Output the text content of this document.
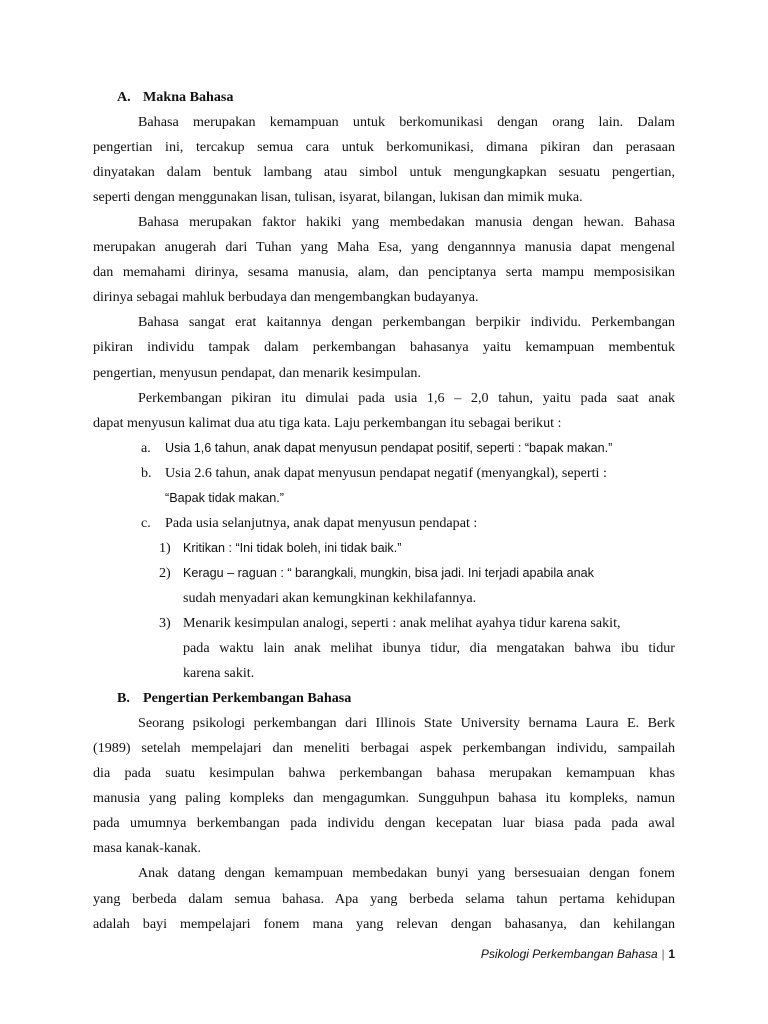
A. Makna Bahasa
Bahasa merupakan kemampuan untuk berkomunikasi dengan orang lain. Dalam
pengertian ini, tercakup semua cara untuk berkomunikasi, dimana pikiran dan perasaan
dinyatakan dalam bentuk lambang atau simbol untuk mengungkapkan sesuatu pengertian,
seperti dengan menggunakan lisan, tulisan, isyarat, bilangan, lukisan dan mimik muka.
Bahasa merupakan faktor hakiki yang membedakan manusia dengan hewan. Bahasa
merupakan anugerah dari Tuhan yang Maha Esa, yang dengannnya manusia dapat mengenal
dan memahami dirinya, sesama manusia, alam, dan penciptanya serta mampu memposisikan
dirinya sebagai mahluk berbudaya dan mengembangkan budayanya.
Bahasa sangat erat kaitannya dengan perkembangan berpikir individu. Perkembangan
pikiran individu tampak dalam perkembangan bahasanya yaitu kemampuan membentuk
pengertian, menyusun pendapat, dan menarik kesimpulan.
Perkembangan pikiran itu dimulai pada usia 1,6 – 2,0 tahun, yaitu pada saat anak
dapat menyusun kalimat dua atu tiga kata. Laju perkembangan itu sebagai berikut :
a. Usia 1,6 tahun, anak dapat menyusun pendapat positif, seperti : “bapak makan.”
b. Usia 2.6 tahun, anak dapat menyusun pendapat negatif (menyangkal), seperti :
“Bapak tidak makan.”
c. Pada usia selanjutnya, anak dapat menyusun pendapat :
1) Kritikan : “Ini tidak boleh, ini tidak baik.”
2) Keragu – raguan : “ barangkali, mungkin, bisa jadi. Ini terjadi apabila anak
sudah menyadari akan kemungkinan kekhilafannya.
3) Menarik kesimpulan analogi, seperti : anak melihat ayahya tidur karena sakit,
pada waktu lain anak melihat ibunya tidur, dia mengatakan bahwa ibu tidur
karena sakit.
B. Pengertian Perkembangan Bahasa
Seorang psikologi perkembangan dari Illinois State University bernama Laura E. Berk
(1989) setelah mempelajari dan meneliti berbagai aspek perkembangan individu, sampailah
dia pada suatu kesimpulan bahwa perkembangan bahasa merupakan kemampuan khas
manusia yang paling kompleks dan mengagumkan. Sungguhpun bahasa itu kompleks, namun
pada umumnya berkembangan pada individu dengan kecepatan luar biasa pada pada awal
masa kanak-kanak.
Anak datang dengan kemampuan membedakan bunyi yang bersesuaian dengan fonem
yang berbeda dalam semua bahasa. Apa yang berbeda selama tahun pertama kehidupan
adalah bayi mempelajari fonem mana yang relevan dengan bahasanya, dan kehilangan
Psikologi Perkembangan Bahasa | 1
